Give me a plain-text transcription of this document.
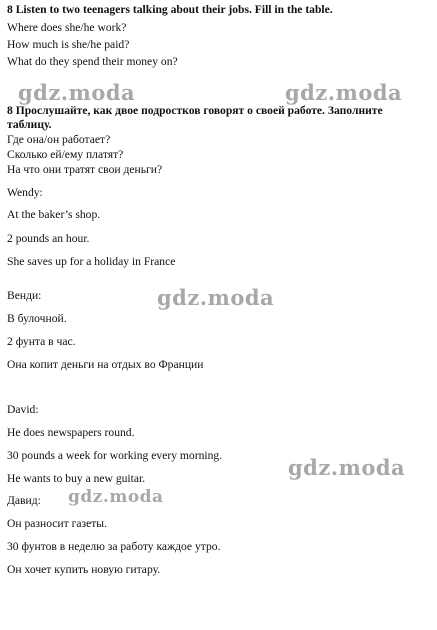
8 Listen to two teenagers talking about their jobs. Fill in the table.
Where does she/he work?
How much is she/he paid?
What do they spend their money on?
gdz.moda	gdz.moda
8 Прослушайте, как двое подростков говорят о своей работе. Заполните
таблицу.
Где она/он работает?
Сколько ей/ему платят?
На что они тратят свои деньги?
Wendy:
At the baker’s shop.
2 pounds an hour.
She saves up for a holiday in France
Венди:	gdz.moda
В булочной.
2 фунта в час.
Она копит деньги на отдых во Франции
David:
He does newspapers round.
30 pounds a week for working every morning.	gdz.moda
He wants to buy a new guitar.
Давид: gdz.moda
Он разносит газеты.
30 фунтов в неделю за работу каждое утро.
Он хочет купить новую гитару.
